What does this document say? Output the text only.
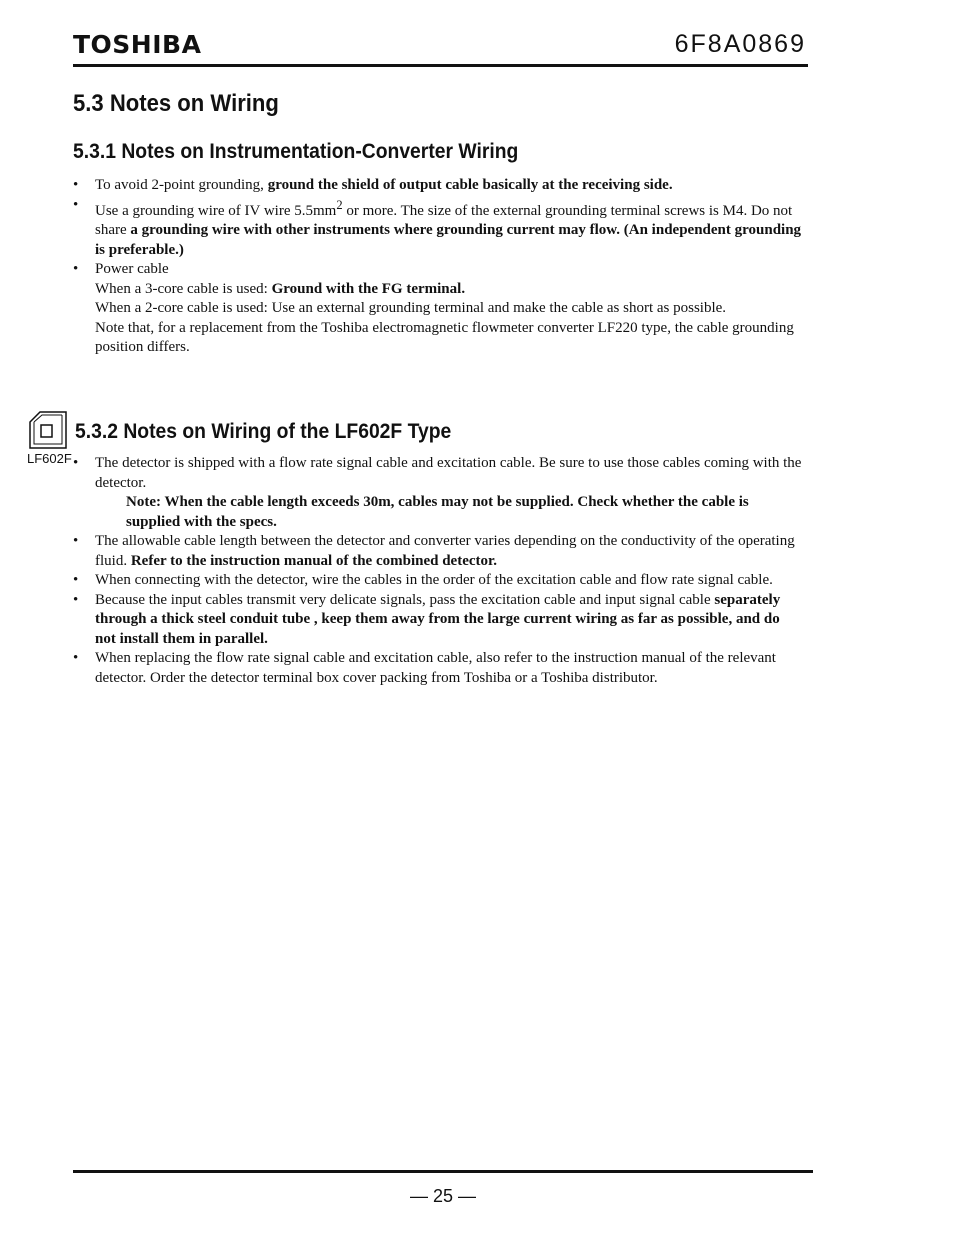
TOSHIBA	6F8A0869
5.3 Notes on Wiring
5.3.1 Notes on Instrumentation-Converter Wiring
• To avoid 2-point grounding, ground the shield of output cable basically at the receiving side.
• Use a grounding wire of IV wire $5.5mm^2$ or more. The size of the external grounding terminal screws is M4. Do not share a grounding wire with other instruments where grounding current may flow. (An independent grounding is preferable.)
• Power cable
When a 3-core cable is used: Ground with the FG terminal.
When a 2-core cable is used: Use an external grounding terminal and make the cable as short as possible.
Note that, for a replacement from the Toshiba electromagnetic flowmeter converter LF220 type, the cable grounding position differs.
LF602F
5.3.2 Notes on Wiring of the LF602F Type
• The detector is shipped with a flow rate signal cable and excitation cable. Be sure to use those cables coming with the detector.
Note: When the cable length exceeds 30m, cables may not be supplied. Check whether the cable is supplied with the specs.
• The allowable cable length between the detector and converter varies depending on the conductivity of the operating fluid. Refer to the instruction manual of the combined detector.
• When connecting with the detector, wire the cables in the order of the excitation cable and flow rate signal cable.
• Because the input cables transmit very delicate signals, pass the excitation cable and input signal cable separately through a thick steel conduit tube , keep them away from the large current wiring as far as possible, and do not install them in parallel.
• When replacing the flow rate signal cable and excitation cable, also refer to the instruction manual of the relevant detector. Order the detector terminal box cover packing from Toshiba or a Toshiba distributor.
— 25 —
